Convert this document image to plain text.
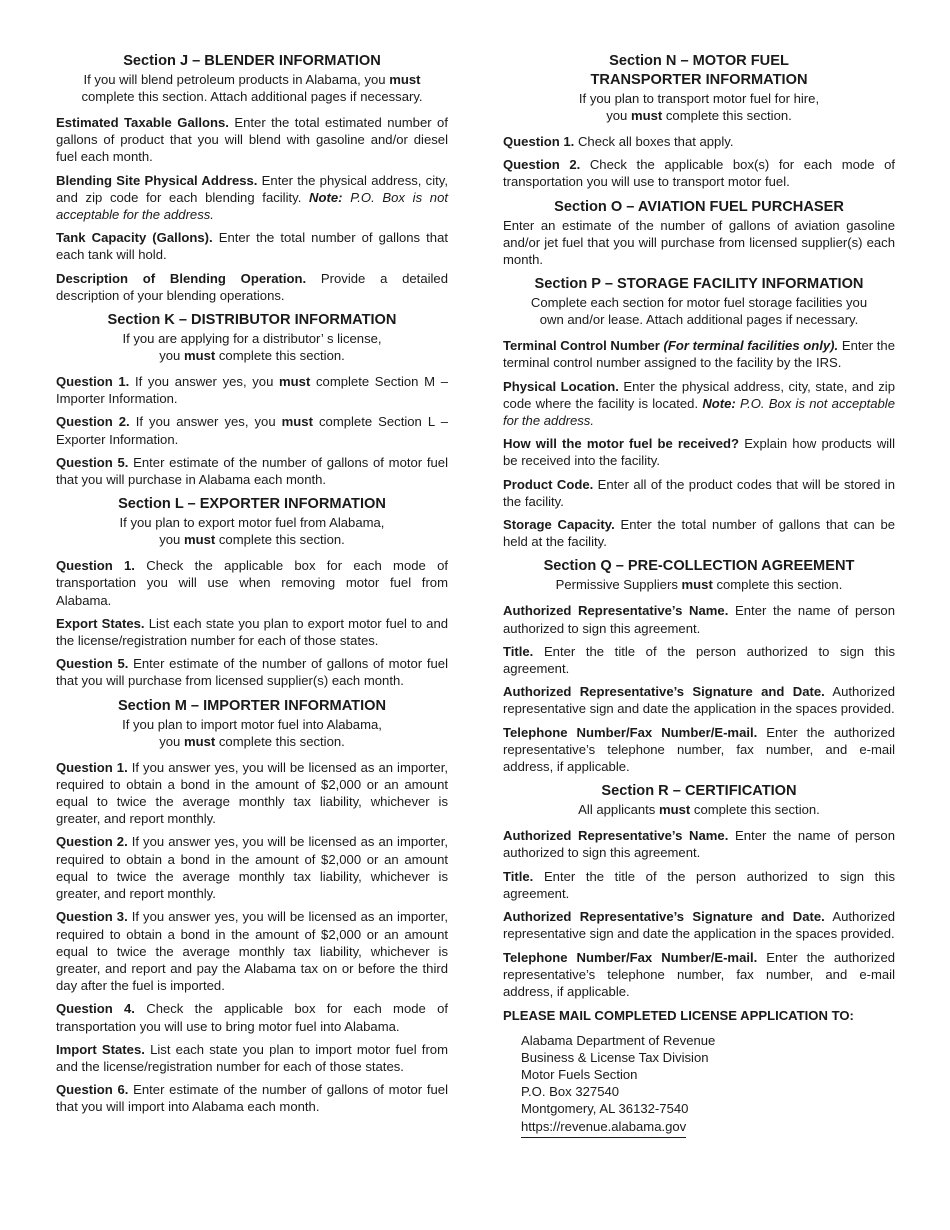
Section J – BLENDER INFORMATION

If you will blend petroleum products in Alabama, you must
complete this section. Attach additional pages if necessary.

Estimated Taxable Gallons. Enter the total estimated number of gallons of product that you will blend with gasoline and/or diesel fuel each month.

Blending Site Physical Address. Enter the physical address, city, and zip code for each blending facility. Note: P.O. Box is not acceptable for the address.

Tank Capacity (Gallons). Enter the total number of gallons that each tank will hold.

Description of Blending Operation. Provide a detailed description of your blending operations.

Section K – DISTRIBUTOR INFORMATION

If you are applying for a distributor’ s license,
you must complete this section.

Question 1. If you answer yes, you must complete Section M – Importer Information.

Question 2. If you answer yes, you must complete Section L – Exporter Information.

Question 5. Enter estimate of the number of gallons of motor fuel that you will purchase in Alabama each month.

Section L – EXPORTER INFORMATION

If you plan to export motor fuel from Alabama,
you must complete this section.

Question 1. Check the applicable box for each mode of transportation you will use when removing motor fuel from Alabama.

Export States. List each state you plan to export motor fuel to and the license/registration number for each of those states.

Question 5. Enter estimate of the number of gallons of motor fuel that you will purchase from licensed supplier(s) each month.

Section M – IMPORTER INFORMATION

If you plan to import motor fuel into Alabama,
you must complete this section.

Question 1. If you answer yes, you will be licensed as an importer, required to obtain a bond in the amount of $2,000 or an amount equal to twice the average monthly tax liability, whichever is greater, and report monthly.

Question 2. If you answer yes, you will be licensed as an importer, required to obtain a bond in the amount of $2,000 or an amount equal to twice the average monthly tax liability, whichever is greater, and report monthly.

Question 3. If you answer yes, you will be licensed as an importer, required to obtain a bond in the amount of $2,000 or an amount equal to twice the average monthly tax liability, whichever is greater, and report and pay the Alabama tax on or before the third day after the fuel is imported.

Question 4. Check the applicable box for each mode of transportation you will use to bring motor fuel into Alabama.

Import States. List each state you plan to import motor fuel from and the license/registration number for each of those states.

Question 6. Enter estimate of the number of gallons of motor fuel that you will import into Alabama each month.

Section N – MOTOR FUEL
TRANSPORTER INFORMATION

If you plan to transport motor fuel for hire,
you must complete this section.

Question 1. Check all boxes that apply.

Question 2. Check the applicable box(s) for each mode of transportation you will use to transport motor fuel.

Section O – AVIATION FUEL PURCHASER

Enter an estimate of the number of gallons of aviation gasoline and/or jet fuel that you will purchase from licensed supplier(s) each month.

Section P – STORAGE FACILITY INFORMATION

Complete each section for motor fuel storage facilities you
own and/or lease. Attach additional pages if necessary.

Terminal Control Number (For terminal facilities only). Enter the terminal control number assigned to the facility by the IRS.

Physical Location. Enter the physical address, city, state, and zip code where the facility is located. Note: P.O. Box is not acceptable for the address.

How will the motor fuel be received? Explain how products will be received into the facility.

Product Code. Enter all of the product codes that will be stored in the facility.

Storage Capacity. Enter the total number of gallons that can be held at the facility.

Section Q – PRE-COLLECTION AGREEMENT

Permissive Suppliers must complete this section.

Authorized Representative’s Name. Enter the name of person authorized to sign this agreement.

Title. Enter the title of the person authorized to sign this agreement.

Authorized Representative’s Signature and Date. Authorized representative sign and date the application in the spaces provided.

Telephone Number/Fax Number/E-mail. Enter the authorized representative’s telephone number, fax number, and e-mail address, if applicable.

Section R – CERTIFICATION

All applicants must complete this section.

Authorized Representative’s Name. Enter the name of person authorized to sign this agreement.

Title. Enter the title of the person authorized to sign this agreement.

Authorized Representative’s Signature and Date. Authorized representative sign and date the application in the spaces provided.

Telephone Number/Fax Number/E-mail. Enter the authorized representative’s telephone number, fax number, and e-mail address, if applicable.

PLEASE MAIL COMPLETED LICENSE APPLICATION TO:

Alabama Department of Revenue
Business & License Tax Division
Motor Fuels Section
P.O. Box 327540
Montgomery, AL 36132-7540
https://revenue.alabama.gov
